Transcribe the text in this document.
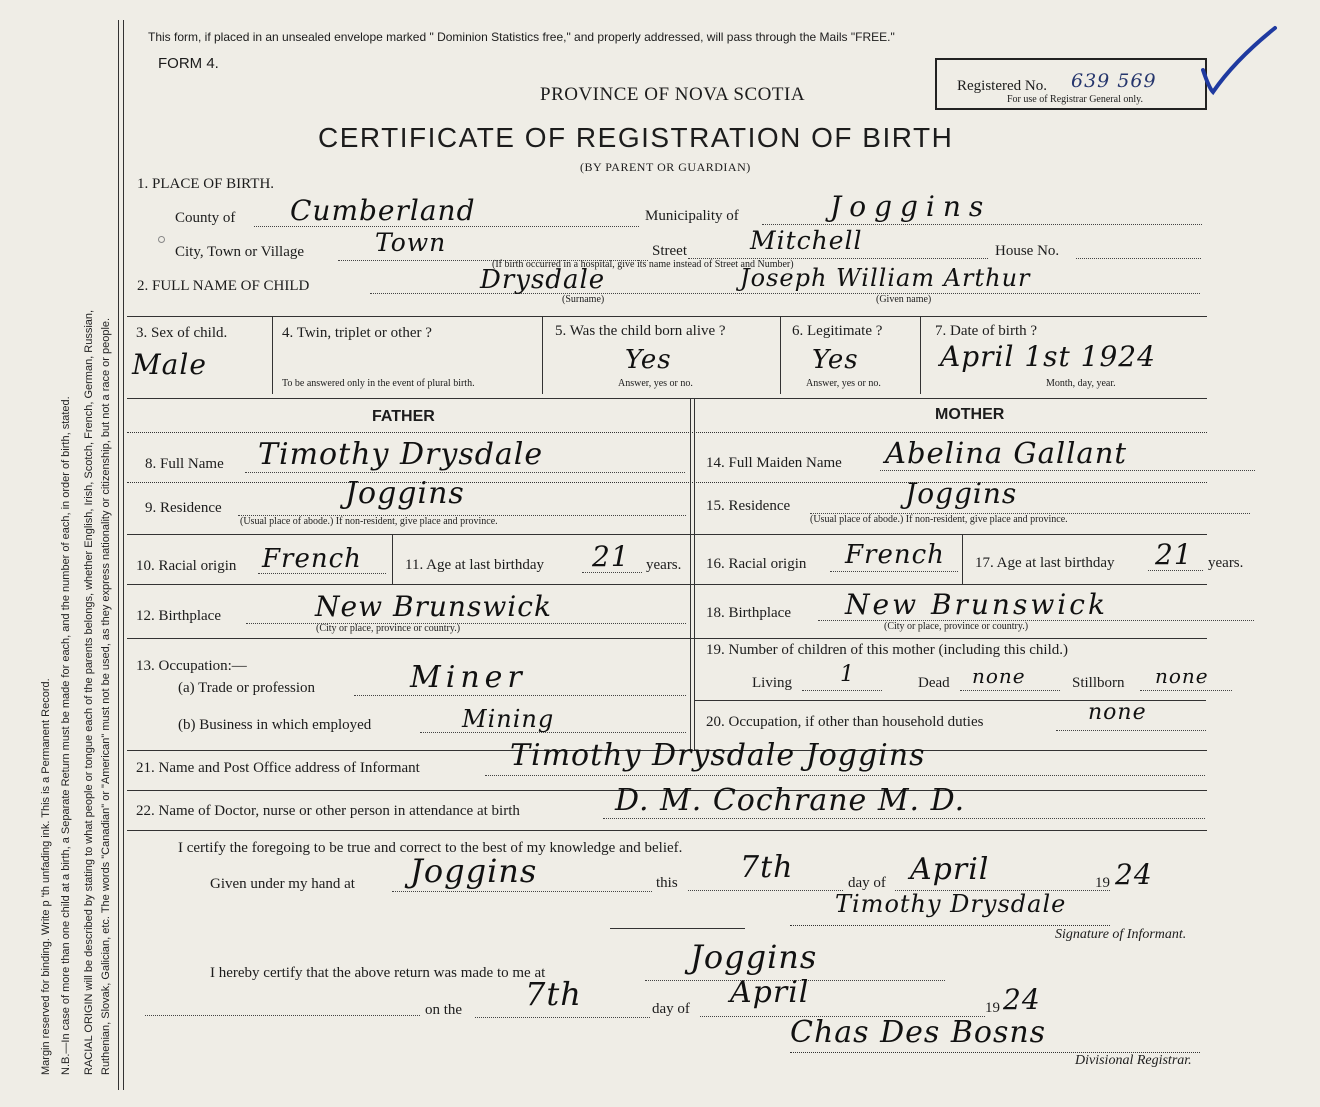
Margin reserved for binding. Write p 'th unfading ink. This is a Permanent Record. N.B.—In case of more than one child at a birth, a Separate Return must be made for each, and the number of each, in order of birth, stated. RACIAL ORIGIN will be described by stating to what people or tongue each of the parents belongs, whether English, Irish, Scotch, French, German, Russian, Ruthenian, Slovak, Galician, etc. The words "Canadian" or "American" must not be used, as they express nationality or citizenship, but not a race or people.
This form, if placed in an unsealed envelope marked " Dominion Statistics free," and properly addressed, will pass through the Mails "FREE."
FORM 4.
Registered No. 639 569
For use of Registrar General only.
PROVINCE OF NOVA SCOTIA
CERTIFICATE OF REGISTRATION OF BIRTH
(BY PARENT OR GUARDIAN)
1. PLACE OF BIRTH.
County of Cumberland	Municipality of	Joggins
City, Town or Village	Town	Street	Mitchell	House No.
2. FULL NAME OF CHILD
(If birth occurred in a hospital, give its name instead of Street and Number)
Drysdale
(Surname)
Joseph William Arthur
(Given name)
3. Sex of child.
Male
4. Twin, triplet or other ?
To be answered only in the event of plural birth.
5. Was the child born alive ?
Yes
Answer, yes or no.
6. Legitimate ?
Yes
Answer, yes or no.
7. Date of birth ?
April 1st 1924
Month, day, year.
FATHER	MOTHER
8. Full Name Timothy Drysdale
9. Residence	Joggins
(Usual place of abode.) If non-resident, give place and province.
10. Racial origin French	11. Age at last birthday 21 years.
12. Birthplace	New Brunswick
(City or place, province or country.)
13. Occupation:—
(a) Trade or profession	Miner
(b) Business in which employed	Mining
14. Full Maiden Name Abelina Gallant
15. Residence	Joggins
(Usual place of abode.) If non-resident, give place and province.
16. Racial origin French 17. Age at last birthday 21 years.
18. Birthplace New Brunswick
(City or place, province or country.)
19. Number of children of this mother (including this child.)
Living 1	Dead none	Stillborn none
20. Occupation, if other than household duties	none
21. Name and Post Office address of Informant	Timothy Drysdale Joggins
22. Name of Doctor, nurse or other person in attendance at birth	D. M. Cochrane M. D.
I certify the foregoing to be true and correct to the best of my knowledge and belief.
Given under my hand at Joggins	this 7th	day of April	19 24
Timothy Drysdale
Signature of Informant.
I hereby certify that the above return was made to me at	Joggins
on the 7th	day of April	19 24
Chas Des Bosns
Divisional Registrar.
